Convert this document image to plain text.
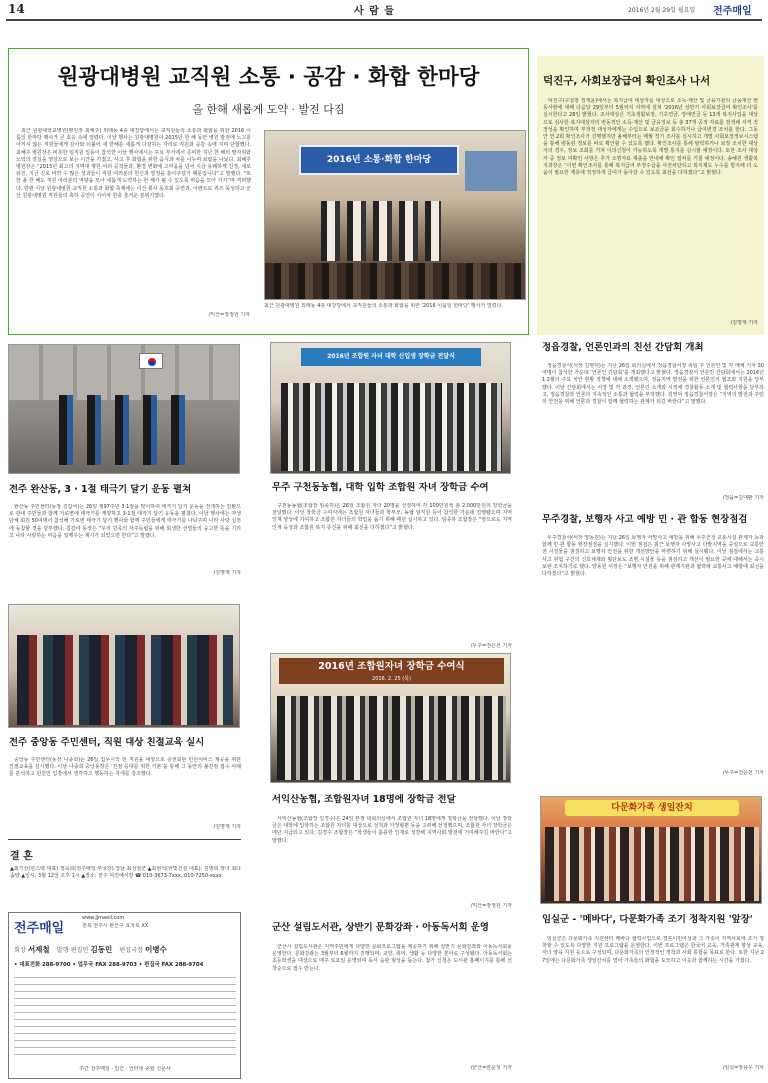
14	사 람 들	2016년 2월 29일 월요일 전주매일
원광대병원 교직원 소통 · 공감 · 화합 한마당
올 한해 새롭게 도약 · 발전 다짐
최근 원광대학교병원(병원장 최해주) 외래동 4층 대강당에서는 교직원들의 소통과 화합을 위한 2016 이룸일 한마당 행사가 큰 호응 속에 열렸다. 이날 행사는 원광대병원이 2015년 한 해 동안 병원 발전에 노고를 아끼지 않은 직원들에게 감사와 더불어 새 한해를 새롭게 다짐하는 자리로 직원과 공감 속에 지며 단합했다. 최해주 병원장은 비롯한 임직원 일동이 참석한 이날 행사에서는 주요 부서에서 준비한 지난 한 해의 발자취와 노력의 결실을 영상으로 보는 시간을 가졌고, 사고 후 화합을 위한 음식과 차를 나누며 보람을 나눴다. 최해주 병원장은 “2015년 최고의 지역대 병원 여러 공적들과, 환경 변화에 고마움을 넘어 지금 유쾌하게 진정, 새로워진, 지금 진로 비약 수 많은 성과들이 직원 여러분의 헌신과 열정을 쏟아주셨기 때문입니다”고 말했다. “또한 올 한 해도 직원 여러분의 역량을 모아 새롭게 도약하는 한 해가 될 수 있도록 마음을 모아 가자”며 격려했다. 한편 이날 원광대병원 교직원 소통과 화합 축제에는 이산 봉사 동호회 공연과, 이벤트로 퀴즈 풍성하고 군산 원광대병원 직원들의 축하 공연이 이어져 한층 흥겨운 분위기였다.
/익산=장정원 기자
2016년 소통·화합 한마당
최근 원광대병원 외래동 4층 대강당에서 교직원들의 소통과 화합을 위한 '2016 이룸일 한마당' 행사가 열렸다.
덕진구, 사회보장급여 확인조사 나서
덕진구(구청장 정재윤)에서는 복지급여 대상자를 대상으로 소득·재산 및 금융기관의 금융재산 변동사항에 대해 다음달 29일부터 5월까지 지역에 걸쳐 '2016년 상반기 사회보장급여 확인조사'를 실시한다고 28일 밝혔다. 조사대상은 기초생활보장, 기초연금, 장애연금 등 13개 복지사업을 대상으로 심사한 복지대상자의 변동적인 소득·재산 및 금융정보 등 총 37개 공적 자료를 검색해 자격 적정성을 확인하며 부적정 대상자에게는 수입으로 보조금을 회수하거나 급여변경 조치를 한다. 그동안 연 2회 확인조사가 진행했지만 올해부터는 매월 정기 조사를 실시하고 개별 사회보장정보시스템을 통해 변동된 정보를 바로 확인할 수 있도록 했다. 확인조사를 통해 탈락하거나 보장 조치한 대상자의 경우, 정보 조회를 거쳐 이의신청이 가능하도록 개별 통지를 실시할 예정이다. 또한 조사 대상자 중 정보 미확인 사항은 추가 소명자료 제출을 안내해 확인 절차를 거칠 예정이다. 송혜원 생활복지과장은 “이번 확인조사를 통해 복지급여 부정수급을 사전차단하고 복지제도 누수를 방지해 더 도움이 필요한 계층에 적정하게 급여가 돌아갈 수 있도록 최선을 다하겠다”고 밝혔다.
/김명재 기자
전주 완산동, 3 · 1절 태극기 달기 운동 펼쳐
완산동 주민센터(동장 김갑여)는 26일 제97주년 3·1절을 맞이하여 태극기 달기 운동을 전개하는 일환으로 관내 주민들과 함께 가로변에 태극기를 게양하고 3·1절 태극기 달기 운동을 펼쳤다. 이날 행사에는 자생단체 회원 50여명이 참석해 가로변 태극기 달기 행사와 함께 주민들에게 태극기를 나눠주며 나라 사랑 실천에 동참할 것을 당부했다. 김갑여 동장은 “우리 민족의 자주독립을 위해 희생한 선열들의 숭고한 뜻을 기리고 나라 사랑하는 마음을 일깨우는 계기가 되었으면 한다”고 말했다.
/김명재 기자
전주 중앙동 주민센터, 직원 대상 친절교육 실시
중앙동 주민센터(동장 나종희)는 26일 업무시작 전 직원을 대상으로 증권회관 민원서비스 제공을 위한 친절교육을 실시했다. 이날 나종희 중앙동장은 ‘친절 응대를 위한 기본’을 통해 그 동안의 불친절 접수 사례를 분석하고 민원인 입장에서 생각하고 행동하는 자세를 강조했다.
/김명재 기자
결 혼
▲최기선(한스텍 대표) 정숙희(전주매일 부국장) 장남 최성철군 ▲최현석(한빛건설 대표), 김명희 장녀 최다솜양 ▲일시: 3월 12일 오후 1시 ▲장소: 전주 덕진예식장 ☎ 010-3673-7xxx, 010-7250-xxxx
전주매일
www.jjmaeil.com
전북 전주시 완산구 효자로 XX
회장 서제철 발행·편집인 김동민 편집국장 이병수
• 대표전화 288-9700 • 업무국 FAX 288-9703 • 편집국 FAX 288-9704
주간 전주매일 · 일간 · 인터넷 종합 신문사
2016년 조합원 자녀 대학 신입생 장학금 전달식
무주 구천동농협, 대학 입학 조합원 자녀 장학금 수여
구천동농협(조합장 임종하)은 26일 조합원 자녀 20명을 선정하여 각 100만원씩 총 2,000만원의 장학금을 전달했다. 이날 장학금 수여식에는 조합원 자녀들과 학부모, 농협 임직원 등이 참석한 가운데 진행됐으며 지역 인재 양성에 기여하고 조합원 자녀들의 학업을 돕기 위해 매년 실시하고 있다. 임종하 조합장은 “앞으로도 지역 인재 육성과 조합원 복지 증진을 위해 최선을 다하겠다”고 밝혔다.
/무주=전은선 기자
2016년 조합원자녀 장학금 수여식
2016. 2. 25 (목)
서익산농협, 조합원자녀 18명에 장학금 전달
서익산농협(조합장 김경수)은 24일 본점 대회의실에서 조합원 자녀 18명에게 장학금을 전달했다. 이날 장학금은 대학에 입학하는 조합원 자녀를 대상으로 성적과 가정형편 등을 고려해 선정했으며, 조합원 자녀 장학금은 매년 지급되고 있다. 김경수 조합장은 “학생들이 훌륭한 인재로 성장해 지역사회 발전에 기여해주길 바란다”고 말했다.
/익산=장정원 기자
군산 설림도서관, 상반기 문화강좌 · 아동독서회 운영
군산시 설림도서관은 지역주민에게 다양한 문화프로그램을 제공하기 위해 상반기 문화강좌와 아동독서회를 운영한다. 문화강좌는 3월부터 6월까지 진행되며, 교양, 취미, 생활 등 다양한 분야로 구성됐다. 아동독서회는 초등학생을 대상으로 매주 토요일 운영되며 독서 습관 형성을 돕는다. 참가 신청은 도서관 홈페이지를 통해 선착순으로 접수 받는다.
/군산=한문성 기자
정읍경찰, 언론인과의 친선 간담회 개최
정읍경찰서(서장 김영덕)는 지난 26일 회의실에서 정읍경찰서장 취임 후 언론인 및 각 매체 기자 30여명이 참석한 가운데 ‘언론인 간담회’를 개최했다고 밝혔다. 정읍경찰서 언론인 간담회에서는 2016년 1·2월의 주요 치안 현황 정책에 대해 소개했으며, 정읍지역 발전을 위한 언론인의 협조와 지원을 당부했다. 이날 간담회에서는 서장 및 각 과장, 언론인 소개와 시정에 경찰활동 소개 및 협력사항을 당부하고, 정읍경찰과 언론의 지속적인 소통과 협력을 부탁했다. 김영덕 정읍경찰서장은 “지역의 발전과 주민의 안전을 위해 언론과 경찰이 함께 협력하는 관계가 되길 바란다”고 말했다.
/정읍=김대환 기자
무주경찰, 보행자 사고 예방 민 · 관 합동 현장점검
무주경찰서(서장 양동원)는 지난 26일 보행자 사망사고 예방을 위해 무주군청 교통시설 관계자 등과 함께 민·관 합동 현장점검을 실시했다. 이번 점검은 최근 보행자 사망사고 다발지역을 중심으로 교통안전 시설물을 점검하고 보행자 안전을 위한 개선방안을 마련하기 위해 실시됐다. 이날 점검에서는 교통사고 위험 구간의 신호체계와 횡단보도 조명 시설물 등을 점검하고 개선이 필요한 곳에 대해서는 즉시 보완 조치하기로 했다. 양동원 서장은 “보행자 안전을 위해 관계기관과 협력해 교통사고 예방에 최선을 다하겠다”고 밝혔다.
/무주=전은선 기자
다문화가족 생일잔치
임실군 - '메바다', 다문화가족 조기 정착지원 '앞장'
임실군은 다문화가족 지원센터 메바다 협력사업으로 결혼이민여성과 그 가족이 지역사회에 조기 정착할 수 있도록 다양한 지원 프로그램을 운영한다. 이번 프로그램은 한국어 교육, 가족관계 향상 교육, 자녀 양육 지원 등으로 구성되며, 다문화가족의 안정적인 정착과 사회 통합을 목표로 한다. 또한 지난 27일에는 다문화가족 생일잔치를 열어 가족들의 화합을 도모하고 이웃과 함께하는 시간을 가졌다.
/임실=장용우 기자
